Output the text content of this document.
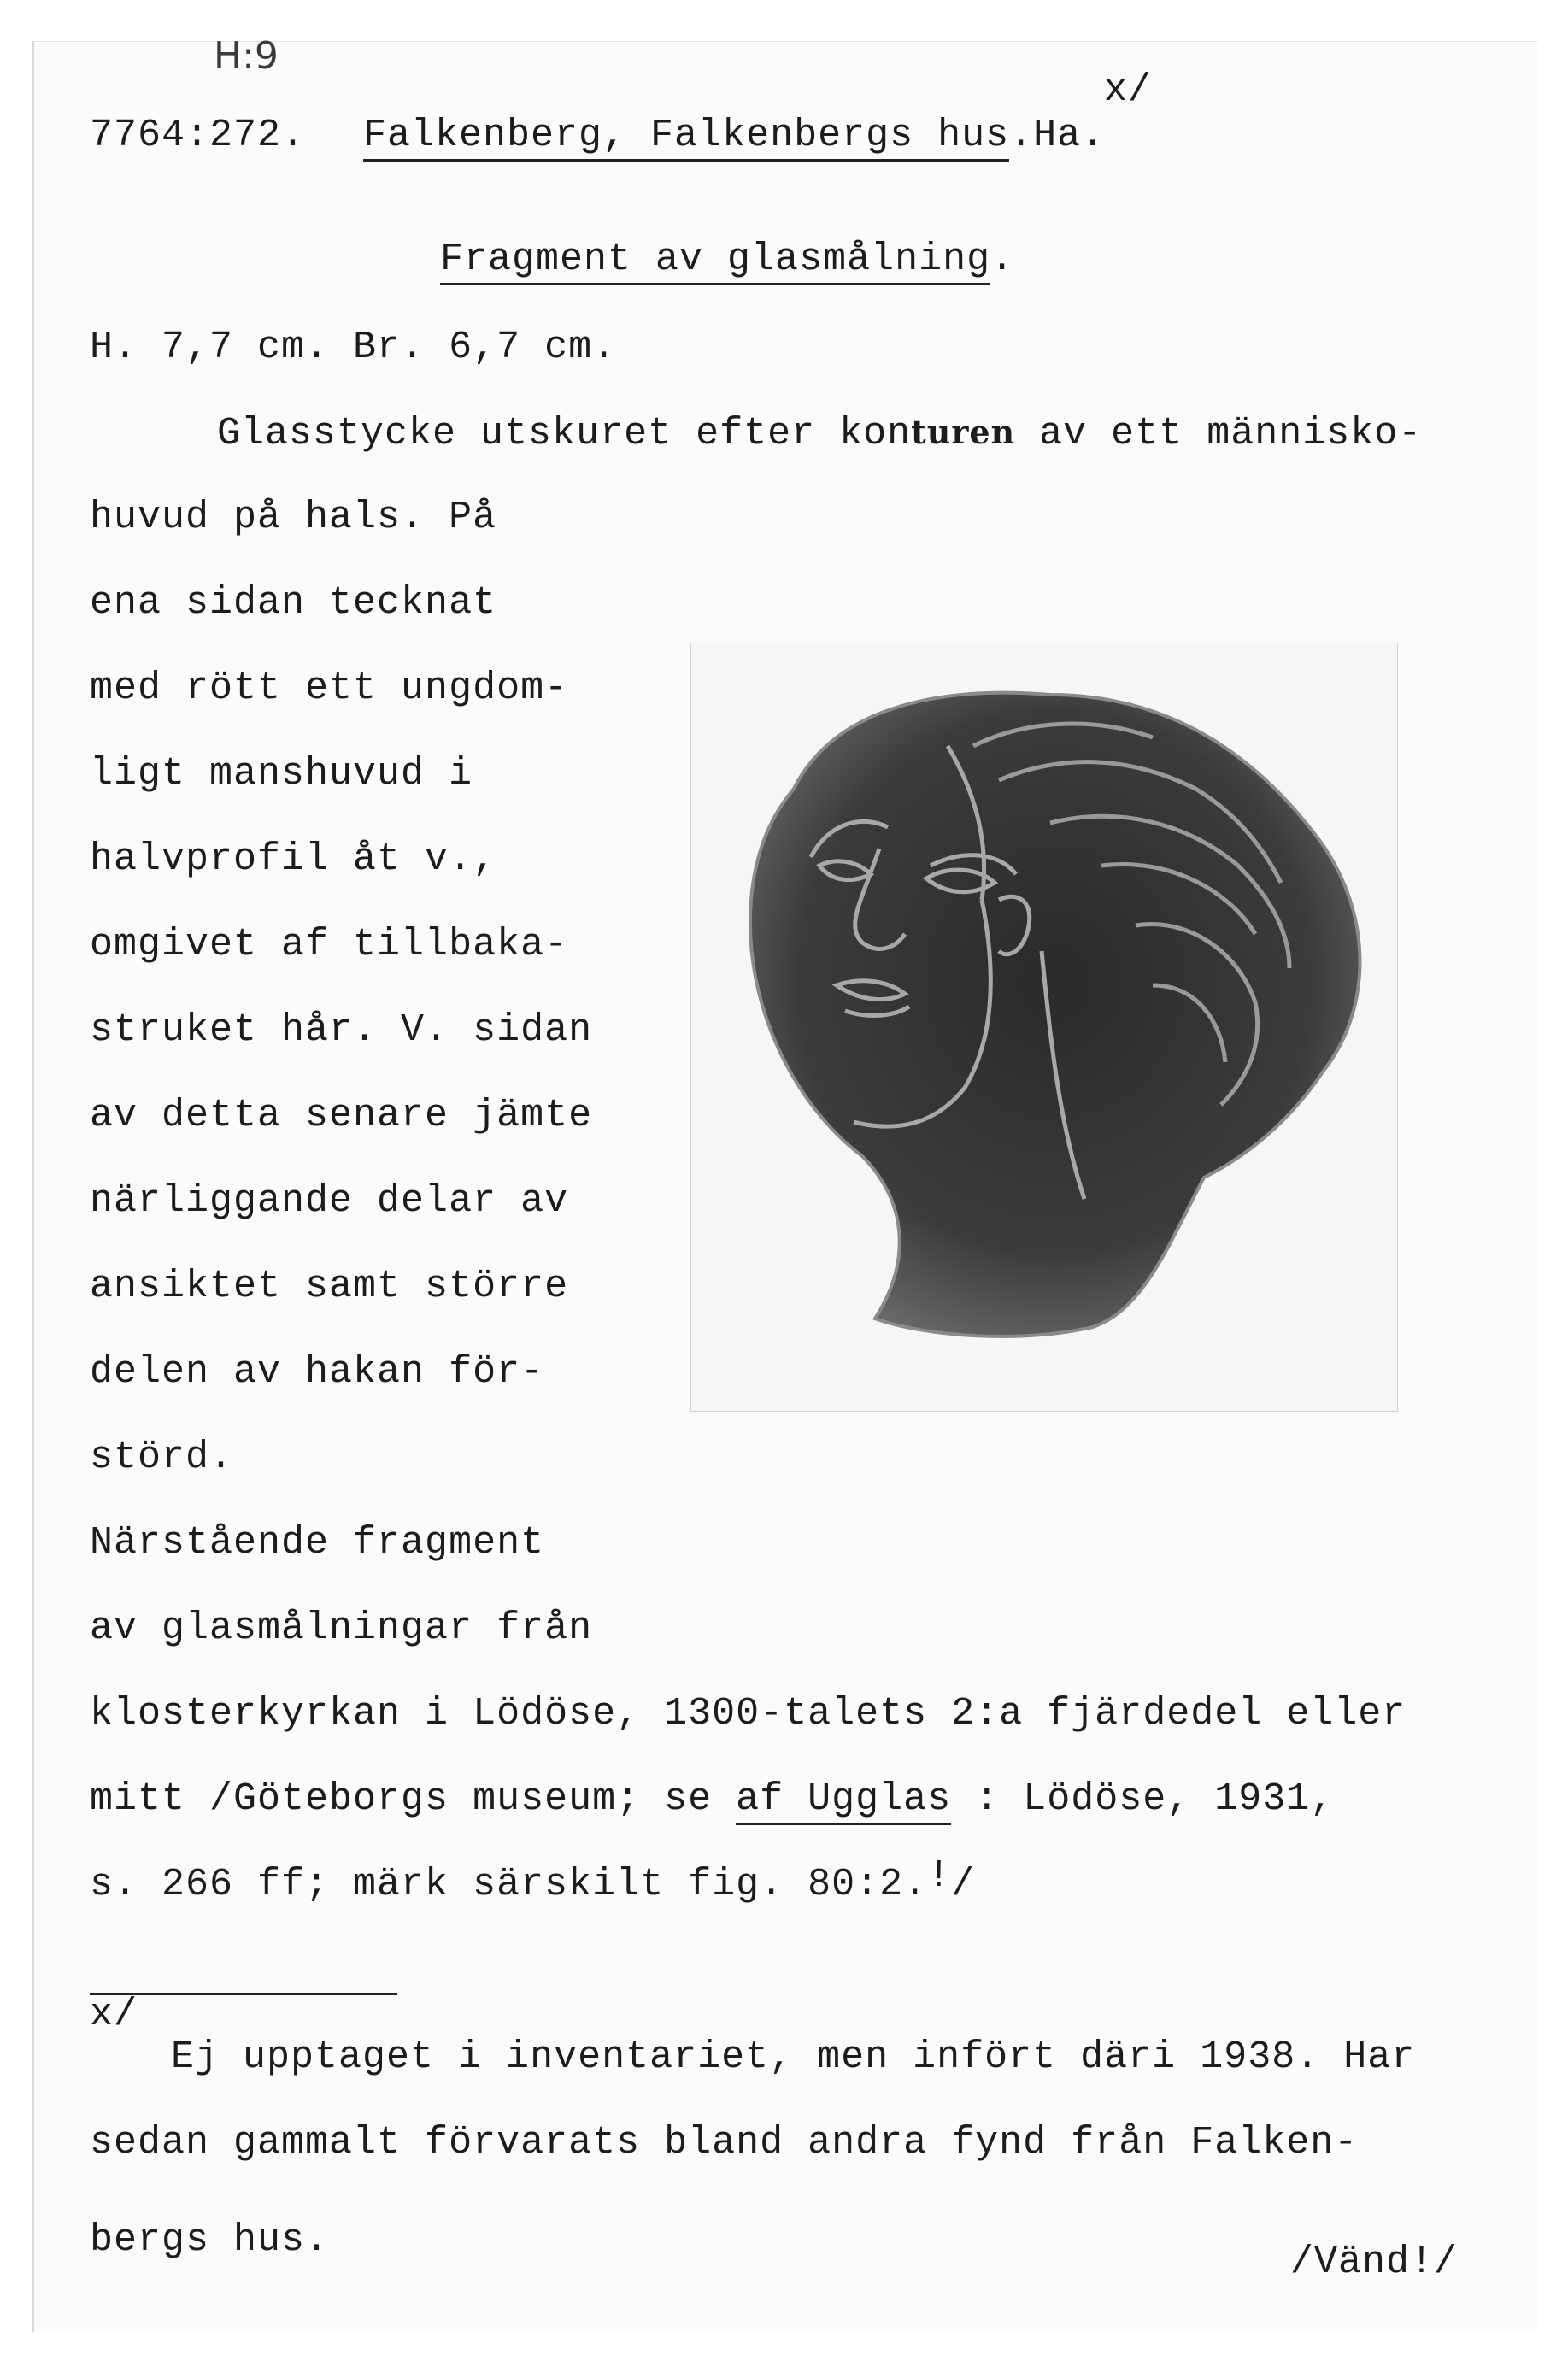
H:9
x/
7764:272. Falkenberg, Falkenbergs hus.Ha.
Fragment av glasmålning.
H. 7,7 cm. Br. 6,7 cm.
Glasstycke utskuret efter konturen av ett människo-
huvud på hals. På
ena sidan tecknat
med rött ett ungdom-
ligt manshuvud i
halvprofil åt v.,
omgivet af tillbaka-
struket hår. V. sidan
av detta senare jämte
närliggande delar av
ansiktet samt större
delen av hakan för-
störd.
Närstående fragment
av glasmålningar från
klosterkyrkan i Lödöse, 1300-talets 2:a fjärdedel eller
mitt /Göteborgs museum; se af Ugglas : Lödöse, 1931,
s. 266 ff; märk särskilt fig. 80:2.!/
x/
Ej upptaget i inventariet, men infört däri 1938. Har
sedan gammalt förvarats bland andra fynd från Falken-
bergs hus.
/Vänd!/
